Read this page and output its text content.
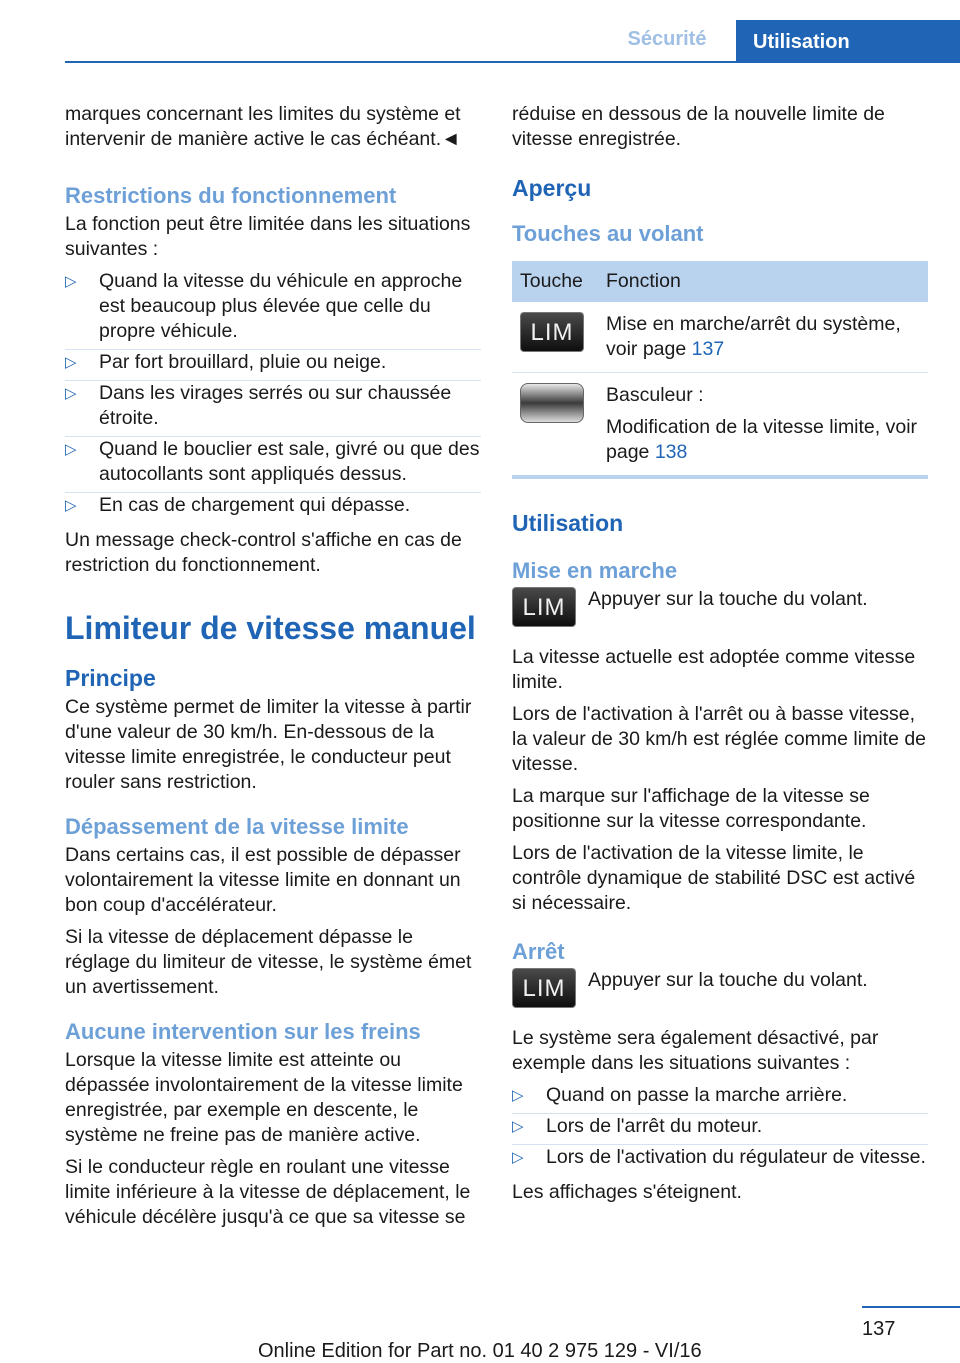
Sécurité	Utilisation

marques concernant les limites du système et intervenir de manière active le cas échéant.◄

Restrictions du fonctionnement

La fonction peut être limitée dans les situations suivantes :

▷ Quand la vitesse du véhicule en approche est beaucoup plus élevée que celle du propre véhicule.
▷ Par fort brouillard, pluie ou neige.
▷ Dans les virages serrés ou sur chaussée étroite.
▷ Quand le bouclier est sale, givré ou que des autocollants sont appliqués dessus.
▷ En cas de chargement qui dépasse.

Un message check-control s'affiche en cas de restriction du fonctionnement.

Limiteur de vitesse manuel
Principe

Ce système permet de limiter la vitesse à partir d'une valeur de 30 km/h. En-dessous de la vitesse limite enregistrée, le conducteur peut rouler sans restriction.

Dépassement de la vitesse limite

Dans certains cas, il est possible de dépasser volontairement la vitesse limite en donnant un bon coup d'accélérateur.

Si la vitesse de déplacement dépasse le réglage du limiteur de vitesse, le système émet un avertissement.

Aucune intervention sur les freins

Lorsque la vitesse limite est atteinte ou dépassée involontairement de la vitesse limite enregistrée, par exemple en descente, le système ne freine pas de manière active.

Si le conducteur règle en roulant une vitesse limite inférieure à la vitesse de déplacement, le véhicule décélère jusqu'à ce que sa vitesse se

réduise en dessous de la nouvelle limite de vitesse enregistrée.

Aperçu
Touches au volant
Touche	Fonction

LIM	Mise en marche/arrêt du système, voir page 137

	Basculeur :

Modification de la vitesse limite, voir page 138
Utilisation
Mise en marche
LIM	Appuyer sur la touche du volant.

La vitesse actuelle est adoptée comme vitesse limite.

Lors de l'activation à l'arrêt ou à basse vitesse, la valeur de 30 km/h est réglée comme limite de vitesse.

La marque sur l'affichage de la vitesse se positionne sur la vitesse correspondante.

Lors de l'activation de la vitesse limite, le contrôle dynamique de stabilité DSC est activé si nécessaire.

Arrêt
LIM	Appuyer sur la touche du volant.

Le système sera également désactivé, par exemple dans les situations suivantes :

▷ Quand on passe la marche arrière.
▷ Lors de l'arrêt du moteur.
▷ Lors de l'activation du régulateur de vitesse.

Les affichages s'éteignent.

137
Online Edition for Part no. 01 40 2 975 129 - VI/16
